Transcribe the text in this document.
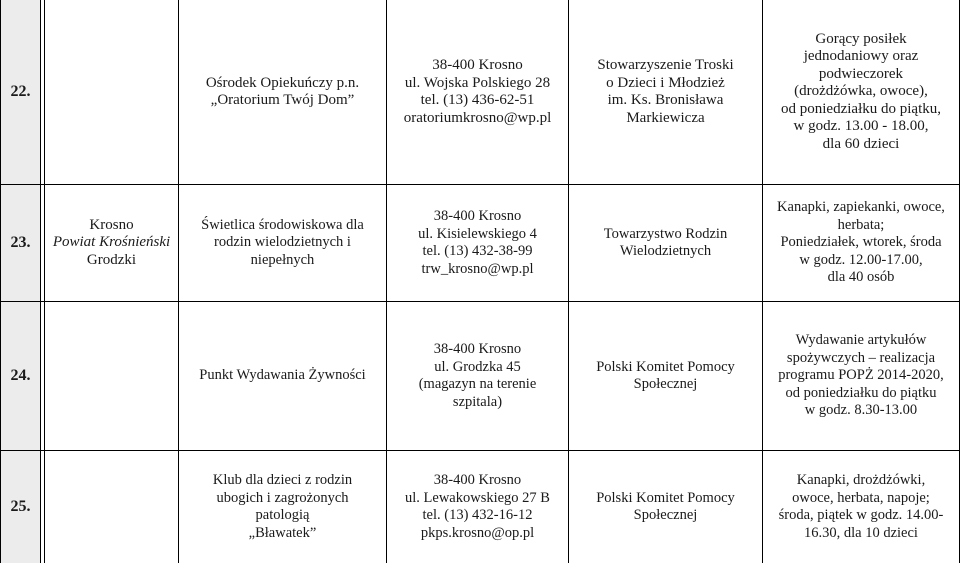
22.
Ośrodek Opiekuńczy p.n.
„Oratorium Twój Dom”
38-400 Krosno
ul. Wojska Polskiego 28
tel. (13) 436-62-51
oratoriumkrosno@wp.pl
Stowarzyszenie Troski
o Dzieci i Młodzież
im. Ks. Bronisława
Markiewicza
Gorący posiłek
jednodaniowy oraz
podwieczorek
(drożdżówka, owoce),
od poniedziałku do piątku,
w godz. 13.00 - 18.00,
dla 60 dzieci
23.
Krosno
Powiat Krośnieński
Grodzki
Świetlica środowiskowa dla
rodzin wielodzietnych i
niepełnych
38-400 Krosno
ul. Kisielewskiego 4
tel. (13) 432-38-99
trw_krosno@wp.pl
Towarzystwo Rodzin
Wielodzietnych
Kanapki, zapiekanki, owoce,
herbata;
Poniedziałek, wtorek, środa
w godz. 12.00-17.00,
dla 40 osób
24.	Punkt Wydawania Żywności
38-400 Krosno
ul. Grodzka 45
(magazyn na terenie
szpitala)
Polski Komitet Pomocy
Społecznej
Wydawanie artykułów
spożywczych – realizacja
programu POPŻ 2014-2020,
od poniedziałku do piątku
w godz. 8.30-13.00
25.
Klub dla dzieci z rodzin
ubogich i zagrożonych
patologią
„Bławatek”
38-400 Krosno
ul. Lewakowskiego 27 B
tel. (13) 432-16-12
pkps.krosno@op.pl
Polski Komitet Pomocy
Społecznej
Kanapki, drożdżówki,
owoce, herbata, napoje;
środa, piątek w godz. 14.00-
16.30, dla 10 dzieci
